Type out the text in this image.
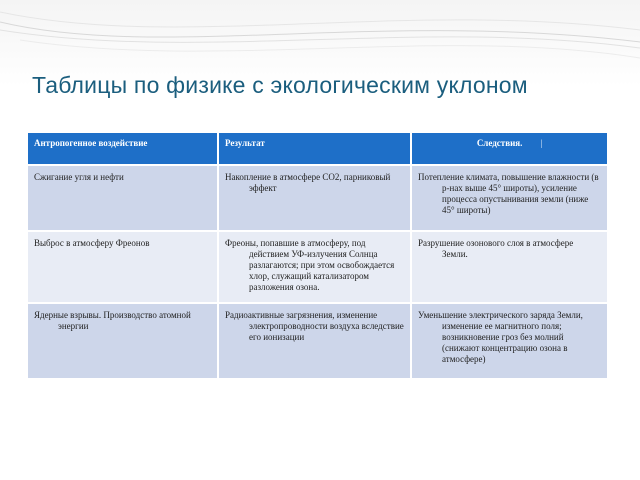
Таблицы по физике с экологическим уклоном
Антропогенное воздействие	Результат	Следствия. |

Сжигание угля и нефти	Накопление в атмосфере СО2, парниковый эффект	Потепление климата, повышение влажности (в р-нах выше 45° широты), усиление процесса опустынивания земли (ниже 45° широты)

Выброс в атмосферу Фреонов	Фреоны, попавшие в атмосферу, под действием УФ-излучения Солнца разлагаются; при этом освобождается хлор, служащий катализатором разложения озона.	Разрушение озонового слоя в атмосфере Земли.

Ядерные взрывы. Производство атомной энергии	Радиоактивные загрязнения, изменение электропроводности воздуха вследствие его ионизации	Уменьшение электрического заряда Земли, изменение ее магнитного поля; возникновение гроз без молний (снижают концентрацию озона в атмосфере)
